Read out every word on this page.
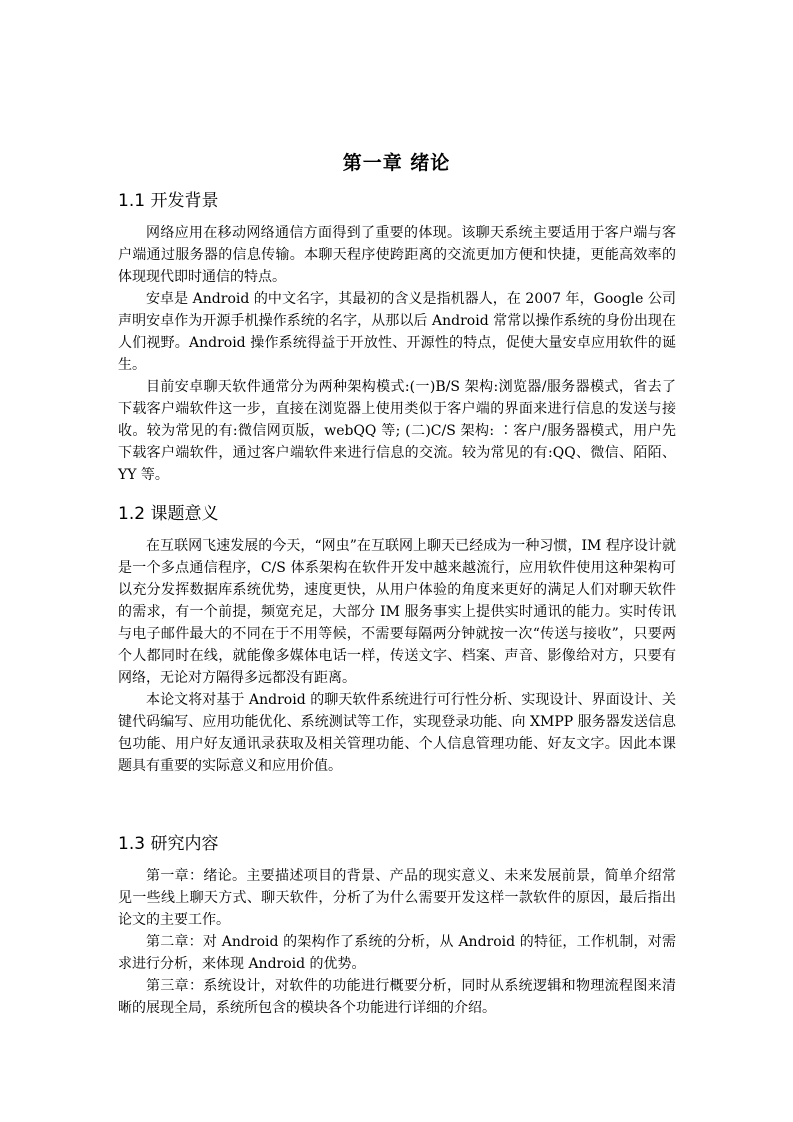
第一章 绪论
1.1 开发背景

网络应用在移动网络通信方面得到了重要的体现。该聊天系统主要适用于客户端与客户端通过服务器的信息传输。本聊天程序使跨距离的交流更加方便和快捷，更能高效率的体现现代即时通信的特点。

安卓是 Android 的中文名字，其最初的含义是指机器人，在 2007 年，Google 公司声明安卓作为开源手机操作系统的名字，从那以后 Android 常常以操作系统的身份出现在人们视野。Android 操作系统得益于开放性、开源性的特点，促使大量安卓应用软件的诞生。

目前安卓聊天软件通常分为两种架构模式:(一)B/S 架构:浏览器/服务器模式，省去了下载客户端软件这一步，直接在浏览器上使用类似于客户端的界面来进行信息的发送与接收。较为常见的有:微信网页版，webQQ 等; (二)C/S 架构: ∶客户/服务器模式，用户先下载客户端软件，通过客户端软件来进行信息的交流。较为常见的有:QQ、微信、陌陌、YY 等。

1.2 课题意义

在互联网飞速发展的今天，“网虫”在互联网上聊天已经成为一种习惯，IM 程序设计就是一个多点通信程序，C/S 体系架构在软件开发中越来越流行，应用软件使用这种架构可以充分发挥数据库系统优势，速度更快，从用户体验的角度来更好的满足人们对聊天软件的需求，有一个前提，频宽充足，大部分 IM 服务事实上提供实时通讯的能力。实时传讯与电子邮件最大的不同在于不用等候，不需要每隔两分钟就按一次“传送与接收”，只要两个人都同时在线，就能像多媒体电话一样，传送文字、档案、声音、影像给对方，只要有网络，无论对方隔得多远都没有距离。

本论文将对基于 Android 的聊天软件系统进行可行性分析、实现设计、界面设计、关键代码编写、应用功能优化、系统测试等工作，实现登录功能、向 XMPP 服务器发送信息包功能、用户好友通讯录获取及相关管理功能、个人信息管理功能、好友文字。因此本课题具有重要的实际意义和应用价值。

1.3 研究内容

第一章：绪论。主要描述项目的背景、产品的现实意义、未来发展前景，简单介绍常见一些线上聊天方式、聊天软件，分析了为什么需要开发这样一款软件的原因，最后指出论文的主要工作。

第二章：对 Android 的架构作了系统的分析，从 Android 的特征，工作机制，对需求进行分析，来体现 Android 的优势。

第三章：系统设计，对软件的功能进行概要分析，同时从系统逻辑和物理流程图来清晰的展现全局，系统所包含的模块各个功能进行详细的介绍。
